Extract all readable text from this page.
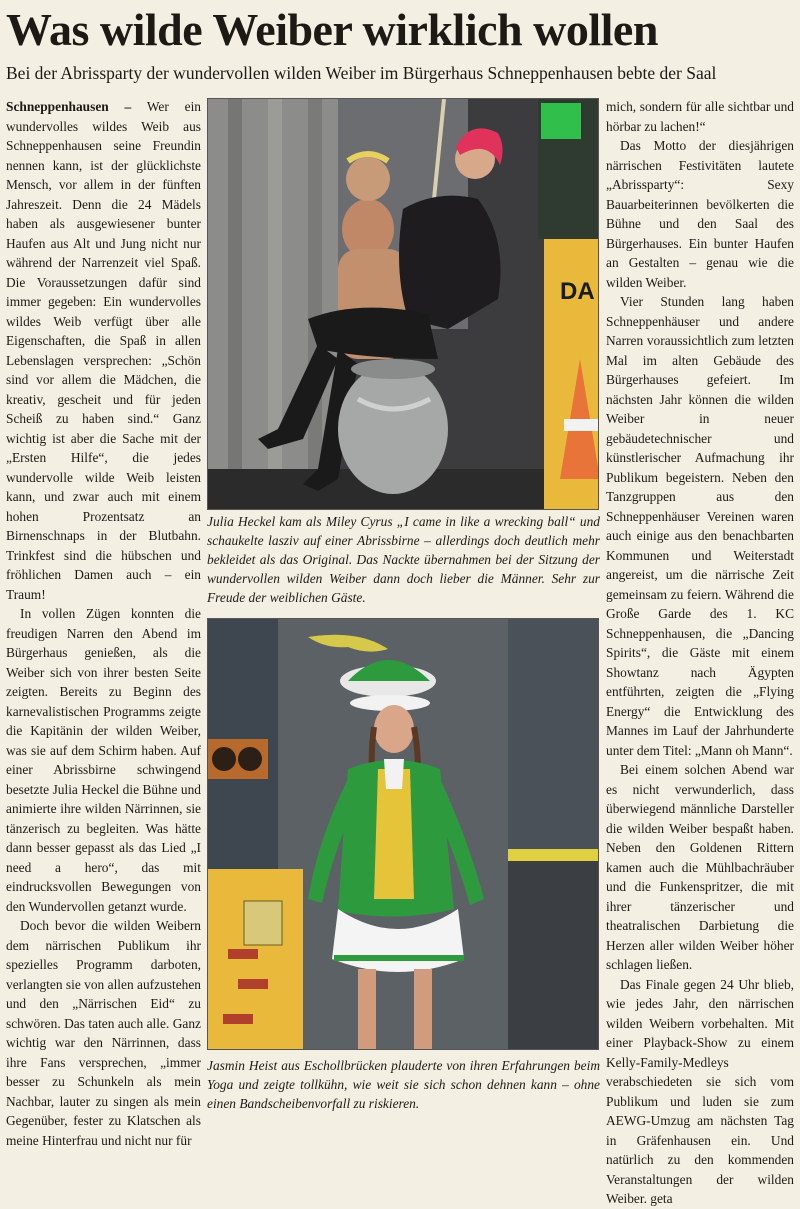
Was wilde Weiber wirklich wollen
Bei der Abrissparty der wundervollen wilden Weiber im Bürgerhaus Schneppenhausen bebte der Saal

Schneppenhausen – Wer ein wundervolles wildes Weib aus Schneppenhausen seine Freundin nennen kann, ist der glücklichste Mensch, vor allem in der fünften Jahreszeit. Denn die 24 Mädels haben als ausgewiesener bunter Haufen aus Alt und Jung nicht nur während der Narrenzeit viel Spaß. Die Voraussetzungen dafür sind immer gegeben: Ein wundervolles wildes Weib verfügt über alle Eigenschaften, die Spaß in allen Lebenslagen versprechen: „Schön sind vor allem die Mädchen, die kreativ, gescheit und für jeden Scheiß zu haben sind.“ Ganz wichtig ist aber die Sache mit der „Ersten Hilfe“, die jedes wundervolle wilde Weib leisten kann, und zwar auch mit einem hohen Prozentsatz an Birnenschnaps in der Blutbahn. Trinkfest sind die hübschen und fröhlichen Damen auch – ein Traum!

In vollen Zügen konnten die freudigen Narren den Abend im Bürgerhaus genießen, als die Weiber sich von ihrer besten Seite zeigten. Bereits zu Beginn des karnevalistischen Programms zeigte die Kapitänin der wilden Weiber, was sie auf dem Schirm haben. Auf einer Abrissbirne schwingend besetzte Julia Heckel die Bühne und animierte ihre wilden Närrinnen, sie tänzerisch zu begleiten. Was hätte dann besser gepasst als das Lied „I need a hero“, das mit eindrucksvollen Bewegungen von den Wundervollen getanzt wurde.

Doch bevor die wilden Weibern dem närrischen Publikum ihr spezielles Programm darboten, verlangten sie von allen aufzustehen und den „Närrischen Eid“ zu schwören. Das taten auch alle. Ganz wichtig war den Närrinnen, dass ihre Fans versprechen, „immer besser zu Schunkeln als mein Nachbar, lauter zu singen als mein Gegenüber, fester zu Klatschen als meine Hinterfrau und nicht nur für

DA
Julia Heckel kam als Miley Cyrus „I came in like a wrecking ball“ und schaukelte lasziv auf einer Abrissbirne – allerdings doch deutlich mehr bekleidet als das Original. Das Nackte übernahmen bei der Sitzung der wundervollen wilden Weiber dann doch lieber die Männer. Sehr zur Freude der weiblichen Gäste.
Jasmin Heist aus Eschollbrücken plauderte von ihren Erfahrungen beim Yoga und zeigte tollkühn, wie weit sie sich schon dehnen kann – ohne einen Bandscheibenvorfall zu riskieren.

mich, sondern für alle sichtbar und hörbar zu lachen!“

Das Motto der diesjährigen närrischen Festivitäten lautete „Abrissparty“: Sexy Bauarbeiterinnen bevölkerten die Bühne und den Saal des Bürgerhauses. Ein bunter Haufen an Gestalten – genau wie die wilden Weiber.

Vier Stunden lang haben Schneppenhäuser und andere Narren voraussichtlich zum letzten Mal im alten Gebäude des Bürgerhauses gefeiert. Im nächsten Jahr können die wilden Weiber in neuer gebäudetechnischer und künstlerischer Aufmachung ihr Publikum begeistern. Neben den Tanzgruppen aus den Schneppenhäuser Vereinen waren auch einige aus den benachbarten Kommunen und Weiterstadt angereist, um die närrische Zeit gemeinsam zu feiern. Während die Große Garde des 1. KC Schneppenhausen, die „Dancing Spirits“, die Gäste mit einem Showtanz nach Ägypten entführten, zeigten die „Flying Energy“ die Entwicklung des Mannes im Lauf der Jahrhunderte unter dem Titel: „Mann oh Mann“.

Bei einem solchen Abend war es nicht verwunderlich, dass überwiegend männliche Darsteller die wilden Weiber bespaßt haben. Neben den Goldenen Rittern kamen auch die Mühlbachräuber und die Funkenspritzer, die mit ihrer tänzerischer und theatralischen Darbietung die Herzen aller wilden Weiber höher schlagen ließen.

Das Finale gegen 24 Uhr blieb, wie jedes Jahr, den närrischen wilden Weibern vorbehalten. Mit einer Playback-Show zu einem Kelly-Family-Medleys verabschiedeten sie sich vom Publikum und luden sie zum AEWG-Umzug am nächsten Tag in Gräfenhausen ein. Und natürlich zu den kommenden Veranstaltungen der wilden Weiber. geta
